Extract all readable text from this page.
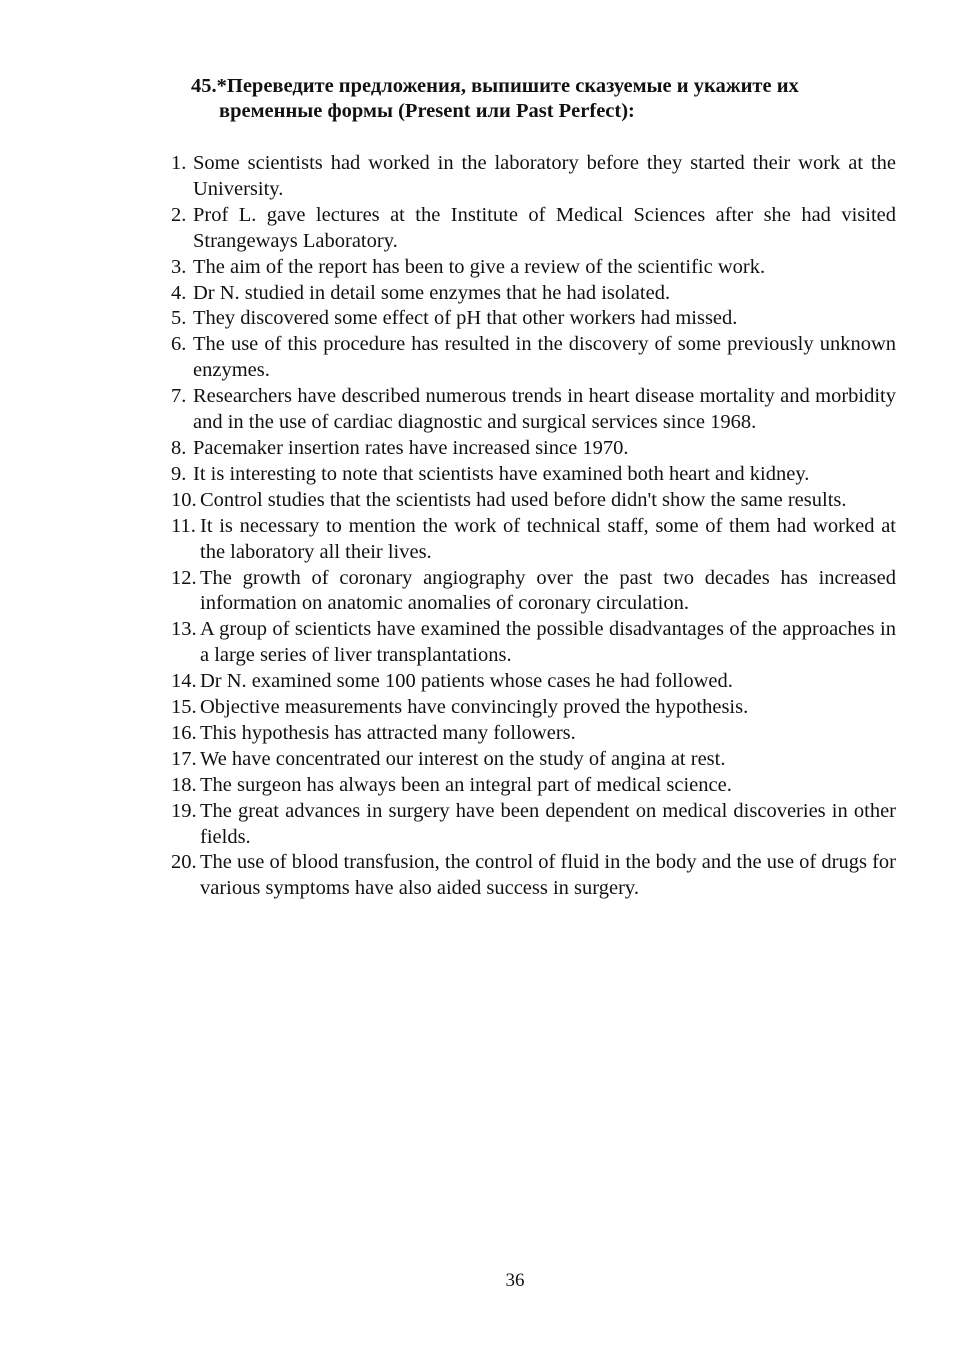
45.*Переведите предложения, выпишите сказуемые и укажите их
временные формы (Present или Past Perfect):
1. Some scientists had worked in the laboratory before they started their work at the University.
2. Prof L. gave lectures at the Institute of Medical Sciences after she had visited Strangeways Laboratory.
3. The aim of the report has been to give a review of the scientific work.
4. Dr N. studied in detail some enzymes that he had isolated.
5. They discovered some effect of pH that other workers had missed.
6. The use of this procedure has resulted in the discovery of some previously unknown enzymes.
7. Researchers have described numerous trends in heart disease mortality and morbidity and in the use of cardiac diagnostic and surgical services since 1968.
8. Pacemaker insertion rates have increased since 1970.
9. It is interesting to note that scientists have examined both heart and kidney.
10. Control studies that the scientists had used before didn't show the same results.
11. It is necessary to mention the work of technical staff, some of them had worked at the laboratory all their lives.
12. The growth of coronary angiography over the past two decades has increased information on anatomic anomalies of coronary circulation.
13. A group of scienticts have examined the possible disadvantages of the approaches in a large series of liver transplantations.
14. Dr N. examined some 100 patients whose cases he had followed.
15. Objective measurements have convincingly proved the hypothesis.
16. This hypothesis has attracted many followers.
17. We have concentrated our interest on the study of angina at rest.
18. The surgeon has always been an integral part of medical science.
19. The great advances in surgery have been dependent on medical discoveries in other fields.
20. The use of blood transfusion, the control of fluid in the body and the use of drugs for various symptoms have also aided success in surgery.
36
